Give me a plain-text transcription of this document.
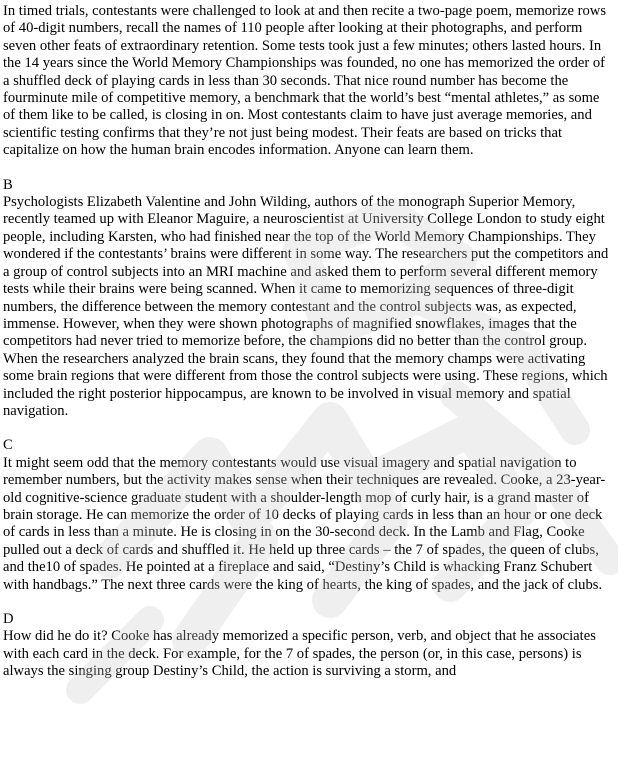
In timed trials, contestants were challenged to look at and then recite a two-page poem, memorize rows of 40-digit numbers, recall the names of 110 people after looking at their photographs, and perform seven other feats of extraordinary retention. Some tests took just a few minutes; others lasted hours. In the 14 years since the World Memory Championships was founded, no one has memorized the order of a shuffled deck of playing cards in less than 30 seconds. That nice round number has become the fourminute mile of competitive memory, a benchmark that the world’s best “mental athletes,” as some of them like to be called, is closing in on. Most contestants claim to have just average memories, and scientific testing confirms that they’re not just being modest. Their feats are based on tricks that capitalize on how the human brain encodes information. Anyone can learn them.

B

Psychologists Elizabeth Valentine and John Wilding, authors of the monograph Superior Memory, recently teamed up with Eleanor Maguire, a neuroscientist at University College London to study eight people, including Karsten, who had finished near the top of the World Memory Championships. They wondered if the contestants’ brains were different in some way. The researchers put the competitors and a group of control subjects into an MRI machine and asked them to perform several different memory tests while their brains were being scanned. When it came to memorizing sequences of three-digit numbers, the difference between the memory contestant and the control subjects was, as expected, immense. However, when they were shown photographs of magnified snowflakes, images that the competitors had never tried to memorize before, the champions did no better than the control group. When the researchers analyzed the brain scans, they found that the memory champs were activating some brain regions that were different from those the control subjects were using. These regions, which included the right posterior hippocampus, are known to be involved in visual memory and spatial navigation.

C

It might seem odd that the memory contestants would use visual imagery and spatial navigation to remember numbers, but the activity makes sense when their techniques are revealed. Cooke, a 23-year-old cognitive-science graduate student with a shoulder-length mop of curly hair, is a grand master of brain storage. He can memorize the order of 10 decks of playing cards in less than an hour or one deck of cards in less than a minute. He is closing in on the 30-second deck. In the Lamb and Flag, Cooke pulled out a deck of cards and shuffled it. He held up three cards – the 7 of spades, the queen of clubs, and the10 of spades. He pointed at a fireplace and said, “Destiny’s Child is whacking Franz Schubert with handbags.” The next three cards were the king of hearts, the king of spades, and the jack of clubs.

D

How did he do it? Cooke has already memorized a specific person, verb, and object that he associates with each card in the deck. For example, for the 7 of spades, the person (or, in this case, persons) is always the singing group Destiny’s Child, the action is surviving a storm, and
